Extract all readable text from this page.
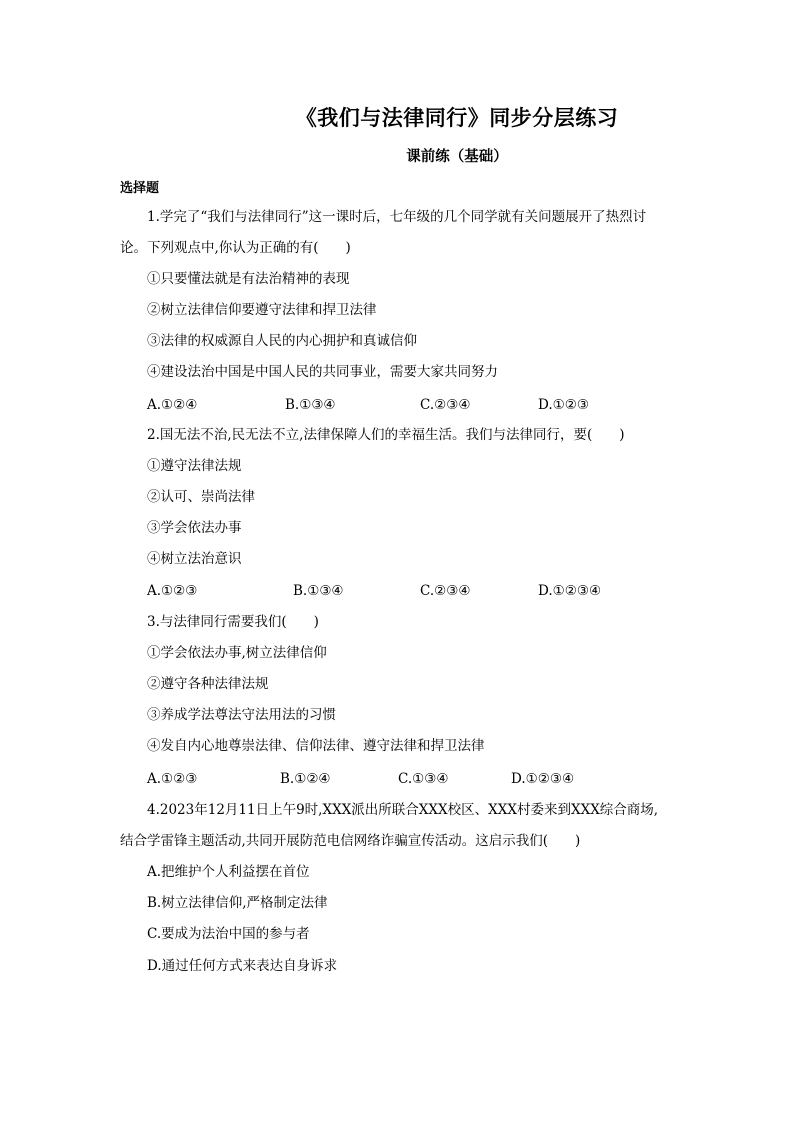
《我们与法律同行》同步分层练习
课前练（基础）
选择题
1.学完了“我们与法律同行”这一课时后，七年级的几个同学就有关问题展开了热烈讨
论。下列观点中,你认为正确的有(　　)
①只要懂法就是有法治精神的表现
②树立法律信仰要遵守法律和捍卫法律
③法律的权威源自人民的内心拥护和真诚信仰
④建设法治中国是中国人民的共同事业，需要大家共同努力
A.①②④	B.①③④	C.②③④	D.①②③
2.国无法不治,民无法不立,法律保障人们的幸福生活。我们与法律同行，要(　　)
①遵守法律法规
②认可、崇尚法律
③学会依法办事
④树立法治意识
A.①②③	B.①③④	C.②③④	D.①②③④
3.与法律同行需要我们(　　)
①学会依法办事,树立法律信仰
②遵守各种法律法规
③养成学法尊法守法用法的习惯
④发自内心地尊崇法律、信仰法律、遵守法律和捍卫法律
A.①②③	B.①②④	C.①③④	D.①②③④
4.2023年12月11日上午9时,XXX派出所联合XXX校区、XXX村委来到XXX综合商场,
结合学雷锋主题活动,共同开展防范电信网络诈骗宣传活动。这启示我们(　　)
A.把维护个人利益摆在首位
B.树立法律信仰,严格制定法律
C.要成为法治中国的参与者
D.通过任何方式来表达自身诉求
